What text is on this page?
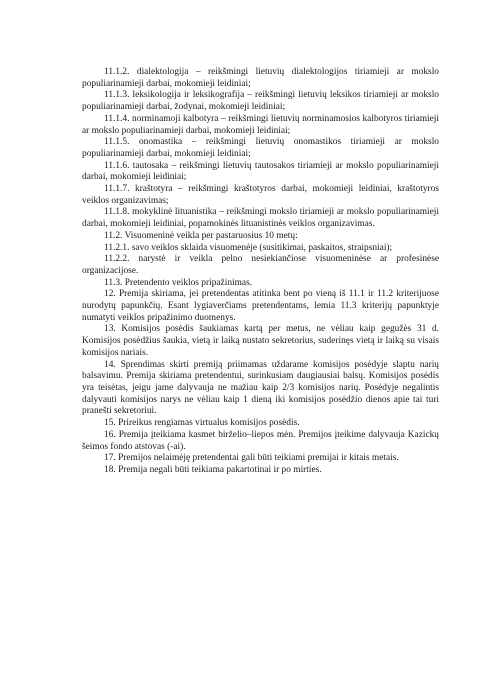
11.1.2. dialektologija – reikšmingi lietuvių dialektologijos tiriamieji ar mokslo populiarinamieji darbai, mokomieji leidiniai;

11.1.3. leksikologija ir leksikografija – reikšmingi lietuvių leksikos tiriamieji ar mokslo populiarinamieji darbai, žodynai, mokomieji leidiniai;

11.1.4. norminamoji kalbotyra – reikšmingi lietuvių norminamosios kalbotyros tiriamieji ar mokslo populiarinamieji darbai, mokomieji leidiniai;

11.1.5. onomastika – reikšmingi lietuvių onomastikos tiriamieji ar mokslo populiarinamieji darbai, mokomieji leidiniai;

11.1.6. tautosaka – reikšmingi lietuvių tautosakos tiriamieji ar mokslo populiarinamieji darbai, mokomieji leidiniai;

11.1.7. kraštotyra – reikšmingi kraštotyros darbai, mokomieji leidiniai, kraštotyros veiklos organizavimas;

11.1.8. mokyklinė lituanistika – reikšmingi mokslo tiriamieji ar mokslo populiarinamieji darbai, mokomieji leidiniai, popamokinės lituanistinės veiklos organizavimas.

11.2. Visuomeninė veikla per pastaruosius 10 metų:

11.2.1. savo veiklos sklaida visuomenėje (susitikimai, paskaitos, straipsniai);

11.2.2. narystė ir veikla pelno nesiekiančiose visuomeninėse ar profesinėse organizacijose.

11.3. Pretendento veiklos pripažinimas.

12. Premija skiriama, jei pretendentas atitinka bent po vieną iš 11.1 ir 11.2 kriterijuose nurodytų papunkčių. Esant lygiaverčiams pretendentams, lemia 11.3 kriterijų papunktyje numatyti veiklos pripažinimo duomenys.

13. Komisijos posėdis šaukiamas kartą per metus, ne vėliau kaip gegužės 31 d. Komisijos posėdžius šaukia, vietą ir laiką nustato sekretorius, suderinęs vietą ir laiką su visais komisijos nariais.

14. Sprendimas skirti premiją priimamas uždarame komisijos posėdyje slaptu narių balsavimu. Premija skiriama pretendentui, surinkusiam daugiausiai balsų. Komisijos posėdis yra teisėtas, jeigu jame dalyvauja ne mažiau kaip 2/3 komisijos narių. Posėdyje negalintis dalyvauti komisijos narys ne vėliau kaip 1 dieną iki komisijos posėdžio dienos apie tai turi pranešti sekretoriui.

15. Prireikus rengiamas virtualus komisijos posėdis.

16. Premija įteikiama kasmet birželio–liepos mėn. Premijos įteikime dalyvauja Kazickų šeimos fondo atstovas (-ai).

17. Premijos nelaimėję pretendentai gali būti teikiami premijai ir kitais metais.

18. Premija negali būti teikiama pakartotinai ir po mirties.
